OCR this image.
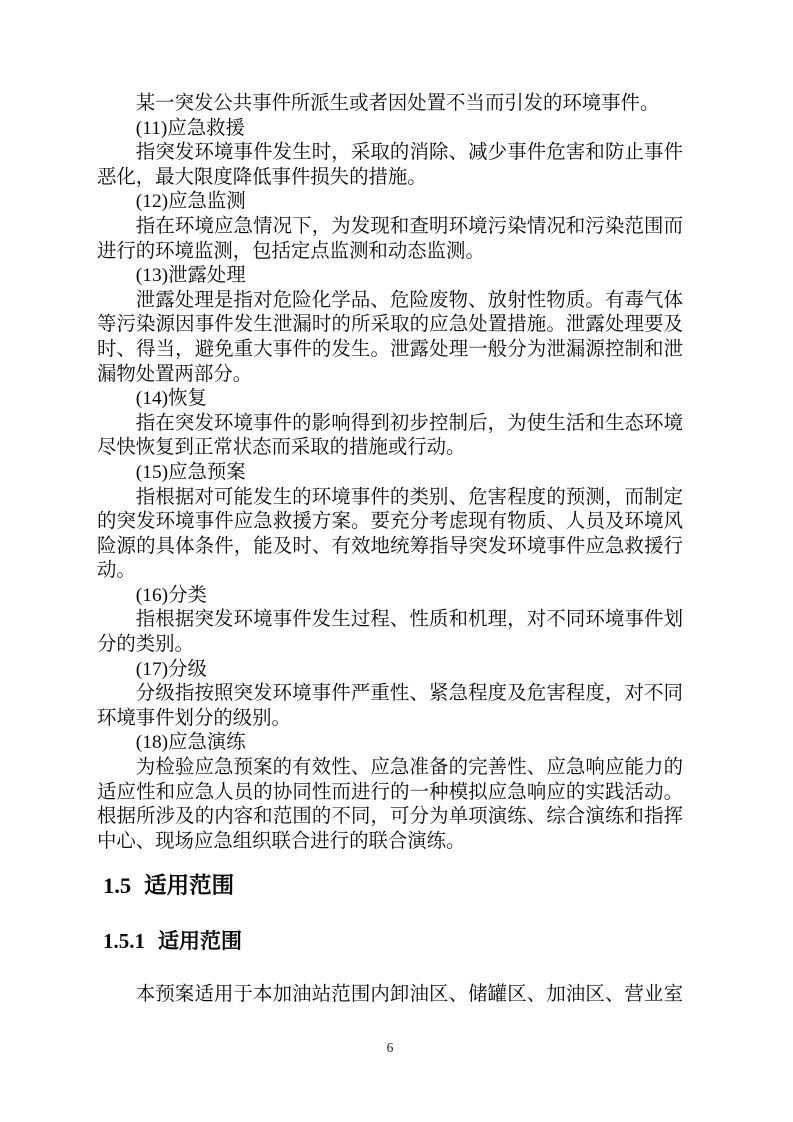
某一突发公共事件所派生或者因处置不当而引发的环境事件。
(11)应急救援
指突发环境事件发生时，采取的消除、减少事件危害和防止事件
恶化，最大限度降低事件损失的措施。
(12)应急监测
指在环境应急情况下，为发现和查明环境污染情况和污染范围而
进行的环境监测，包括定点监测和动态监测。
(13)泄露处理
泄露处理是指对危险化学品、危险废物、放射性物质。有毒气体
等污染源因事件发生泄漏时的所采取的应急处置措施。泄露处理要及
时、得当，避免重大事件的发生。泄露处理一般分为泄漏源控制和泄
漏物处置两部分。
(14)恢复
指在突发环境事件的影响得到初步控制后，为使生活和生态环境
尽快恢复到正常状态而采取的措施或行动。
(15)应急预案
指根据对可能发生的环境事件的类别、危害程度的预测，而制定
的突发环境事件应急救援方案。要充分考虑现有物质、人员及环境风
险源的具体条件，能及时、有效地统筹指导突发环境事件应急救援行
动。
(16)分类
指根据突发环境事件发生过程、性质和机理，对不同环境事件划
分的类别。
(17)分级
分级指按照突发环境事件严重性、紧急程度及危害程度，对不同
环境事件划分的级别。
(18)应急演练
为检验应急预案的有效性、应急准备的完善性、应急响应能力的
适应性和应急人员的协同性而进行的一种模拟应急响应的实践活动。
根据所涉及的内容和范围的不同，可分为单项演练、综合演练和指挥
中心、现场应急组织联合进行的联合演练。
1.5 适用范围
1.5.1 适用范围
本预案适用于本加油站范围内卸油区、储罐区、加油区、营业室
6
